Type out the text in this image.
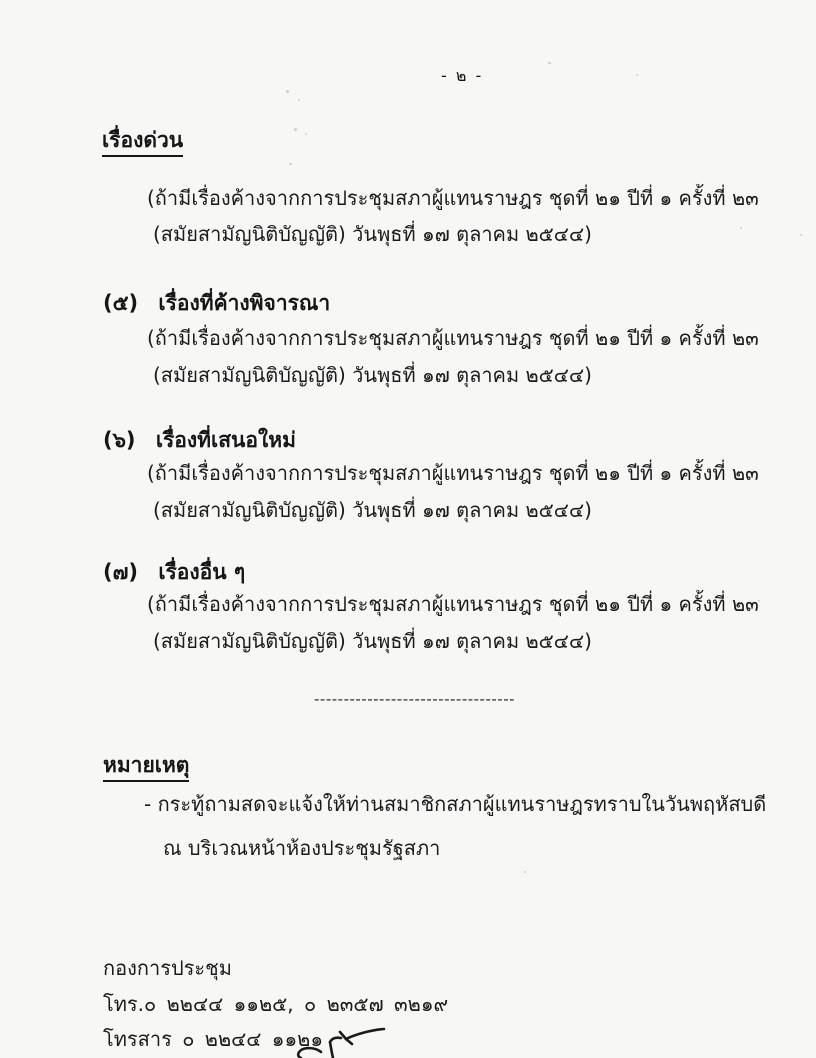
- ๒ -
เรื่องด่วน
(ถ้ามีเรื่องค้างจากการประชุมสภาผู้แทนราษฎร ชุดที่ ๒๑ ปีที่ ๑ ครั้งที่ ๒๓
(สมัยสามัญนิติบัญญัติ) วันพุธที่ ๑๗ ตุลาคม ๒๕๔๔)
(๕) เรื่องที่ค้างพิจารณา
(ถ้ามีเรื่องค้างจากการประชุมสภาผู้แทนราษฎร ชุดที่ ๒๑ ปีที่ ๑ ครั้งที่ ๒๓
(สมัยสามัญนิติบัญญัติ) วันพุธที่ ๑๗ ตุลาคม ๒๕๔๔)
(๖) เรื่องที่เสนอใหม่
(ถ้ามีเรื่องค้างจากการประชุมสภาผู้แทนราษฎร ชุดที่ ๒๑ ปีที่ ๑ ครั้งที่ ๒๓
(สมัยสามัญนิติบัญญัติ) วันพุธที่ ๑๗ ตุลาคม ๒๕๔๔)
(๗) เรื่องอื่น ๆ
(ถ้ามีเรื่องค้างจากการประชุมสภาผู้แทนราษฎร ชุดที่ ๒๑ ปีที่ ๑ ครั้งที่ ๒๓
(สมัยสามัญนิติบัญญัติ) วันพุธที่ ๑๗ ตุลาคม ๒๕๔๔)
----------------------------------
หมายเหตุ
- กระทู้ถามสดจะแจ้งให้ท่านสมาชิกสภาผู้แทนราษฎรทราบในวันพฤหัสบดี
ณ บริเวณหน้าห้องประชุมรัฐสภา
กองการประชุม
โทร.๐ ๒๒๔๔ ๑๑๒๕, ๐ ๒๓๕๗ ๓๒๑๙
โทรสาร ๐ ๒๒๔๔ ๑๑๒๑
